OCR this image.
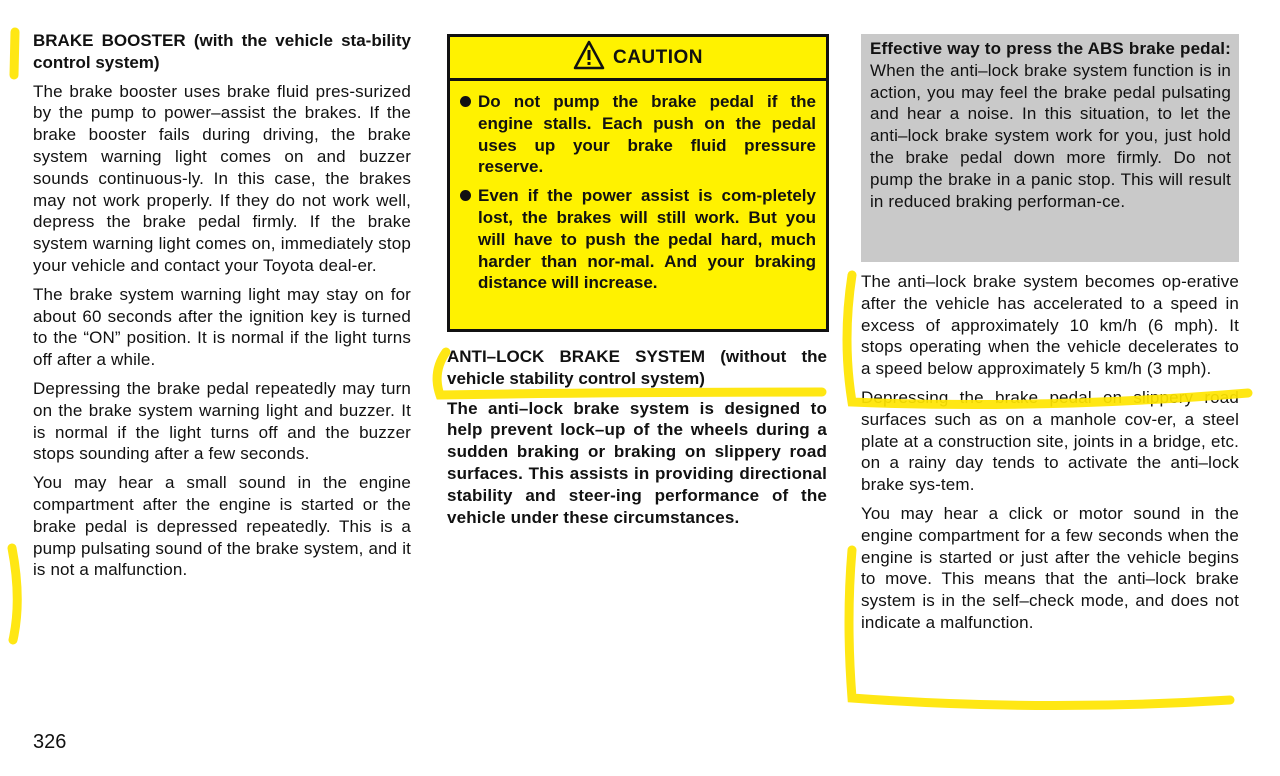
BRAKE BOOSTER (with the vehicle sta-bility control system)

The brake booster uses brake fluid pres-surized by the pump to power–assist the brakes. If the brake booster fails during driving, the brake system warning light comes on and buzzer sounds continuous-ly. In this case, the brakes may not work properly. If they do not work well, depress the brake pedal firmly. If the brake system warning light comes on, immediately stop your vehicle and contact your Toyota deal-er.

The brake system warning light may stay on for about 60 seconds after the ignition key is turned to the “ON” position. It is normal if the light turns off after a while.

Depressing the brake pedal repeatedly may turn on the brake system warning light and buzzer. It is normal if the light turns off and the buzzer stops sounding after a few seconds.

You may hear a small sound in the engine compartment after the engine is started or the brake pedal is depressed repeatedly. This is a pump pulsating sound of the brake system, and it is not a malfunction.

CAUTION
Do not pump the brake pedal if the engine stalls. Each push on the pedal uses up your brake fluid pressure reserve.
Even if the power assist is com-pletely lost, the brakes will still work. But you will have to push the pedal hard, much harder than nor-mal. And your braking distance will increase.

ANTI–LOCK BRAKE SYSTEM (without the vehicle stability control system)

The anti–lock brake system is designed to help prevent lock–up of the wheels during a sudden braking or braking on slippery road surfaces. This assists in providing directional stability and steer-ing performance of the vehicle under these circumstances.

Effective way to press the ABS brake pedal: When the anti–lock brake system function is in action, you may feel the brake pedal pulsating and hear a noise. In this situation, to let the anti–lock brake system work for you, just hold the brake pedal down more firmly. Do not pump the brake in a panic stop. This will result in reduced braking performan-ce.

The anti–lock brake system becomes op-erative after the vehicle has accelerated to a speed in excess of approximately 10 km/h (6 mph). It stops operating when the vehicle decelerates to a speed below approximately 5 km/h (3 mph).

Depressing the brake pedal on slippery road surfaces such as on a manhole cov-er, a steel plate at a construction site, joints in a bridge, etc. on a rainy day tends to activate the anti–lock brake sys-tem.

You may hear a click or motor sound in the engine compartment for a few seconds when the engine is started or just after the vehicle begins to move. This means that the anti–lock brake system is in the self–check mode, and does not indicate a malfunction.

326
